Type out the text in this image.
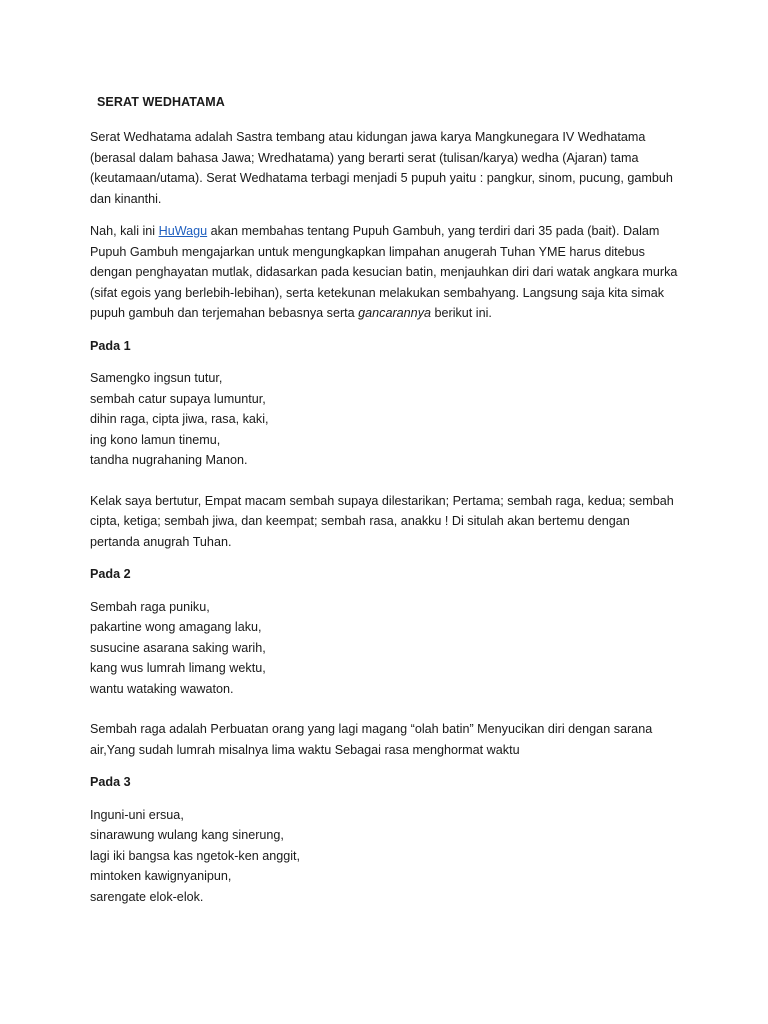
SERAT WEDHATAMA

Serat Wedhatama adalah Sastra tembang atau kidungan jawa karya Mangkunegara IV Wedhatama (berasal dalam bahasa Jawa; Wredhatama) yang berarti serat (tulisan/karya) wedha (Ajaran) tama (keutamaan/utama). Serat Wedhatama terbagi menjadi 5 pupuh yaitu : pangkur, sinom, pucung, gambuh dan kinanthi.

Nah, kali ini HuWagu akan membahas tentang Pupuh Gambuh, yang terdiri dari 35 pada (bait). Dalam Pupuh Gambuh mengajarkan untuk mengungkapkan limpahan anugerah Tuhan YME harus ditebus dengan penghayatan mutlak, didasarkan pada kesucian batin, menjauhkan diri dari watak angkara murka (sifat egois yang berlebih-lebihan), serta ketekunan melakukan sembahyang. Langsung saja kita simak pupuh gambuh dan terjemahan bebasnya serta gancarannya berikut ini.

Pada 1
Samengko ingsun tutur,
sembah catur supaya lumuntur,
dihin raga, cipta jiwa, rasa, kaki,
ing kono lamun tinemu,
tandha nugrahaning Manon.

Kelak saya bertutur, Empat macam sembah supaya dilestarikan; Pertama; sembah raga, kedua; sembah cipta, ketiga; sembah jiwa, dan keempat; sembah rasa, anakku ! Di situlah akan bertemu dengan pertanda anugrah Tuhan.

Pada 2
Sembah raga puniku,
pakartine wong amagang laku,
susucine asarana saking warih,
kang wus lumrah limang wektu,
wantu wataking wawaton.

Sembah raga adalah Perbuatan orang yang lagi magang “olah batin” Menyucikan diri dengan sarana air,Yang sudah lumrah misalnya lima waktu Sebagai rasa menghormat waktu

Pada 3
Inguni-uni ersua,
sinarawung wulang kang sinerung,
lagi iki bangsa kas ngetok-ken anggit,
mintoken kawignyanipun,
sarengate elok-elok.
